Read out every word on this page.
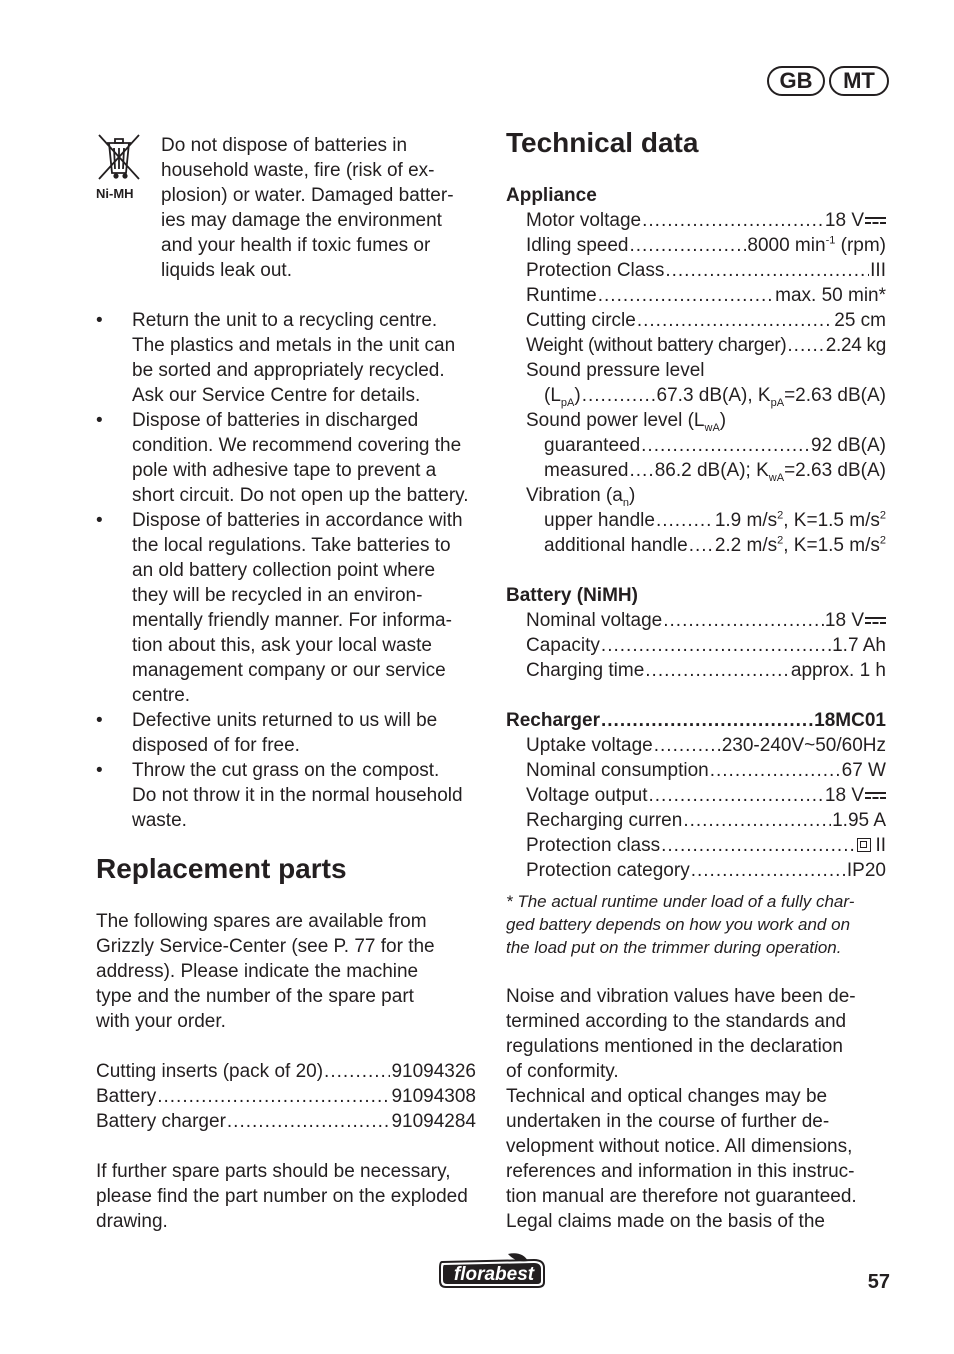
GB	MT
Ni-MH
Do not dispose of batteries in
household waste, fire (risk of ex-
plosion) or water. Damaged batter-
ies may damage the environment
and your health if toxic fumes or
liquids leak out.
• Return the unit to a recycling centre.
The plastics and metals in the unit can
be sorted and appropriately recycled.
Ask our Service Centre for details.
• Dispose of batteries in discharged
condition. We recommend covering the
pole with adhesive tape to prevent a
short circuit. Do not open up the battery.
• Dispose of batteries in accordance with
the local regulations. Take batteries to
an old battery collection point where
they will be recycled in an environ-
mentally friendly manner. For informa-
tion about this, ask your local waste
management company or our service
centre.
• Defective units returned to us will be
disposed of for free.
• Throw the cut grass on the compost.
Do not throw it in the normal household
waste.
Replacement parts
The following spares are available from
Grizzly Service-Center (see P. 77 for the
address). Please indicate the machine
type and the number of the spare part
with your order.
Cutting inserts (pack of 20) .....	91094326
Battery .....	91094308
Battery charger .....	91094284
If further spare parts should be necessary,
please find the part number on the exploded
drawing.
Technical data
Appliance
Motor voltage .....	18 V
Idling speed .....	8000 $\min^{-1} (rpm)$
Protection Class .....	III
Runtime .....	max. 50 min*
Cutting circle .....	25 cm
Weight (without battery charger) ..... 2.24 kg
Sound pressure level
$(L_{pA})$ .....	67.3 dB(A), $K_{pA}=2.63$ dB(A)
Sound power level $(L_{wA})$
guaranteed .....	92 dB(A)
measured ..... 86.2 dB(A); $K_{wA}=2.63$ dB(A)
Vibration $(a_n)$
upper handle .....	1.9 $m/s^2$, K=1.5 $m/s^2$
additional handle ..... 2.2 $m/s^2$, K=1.5 $m/s^2$
Battery (NiMH)
Nominal voltage .....	18 V
Capacity .....	1.7 Ah
Charging time .....	approx. 1 h
Recharger .....	18MC01
Uptake voltage .....	230-240V~50/60Hz
Nominal consumption .....	67 W
Voltage output .....	18 V
Recharging curren .....	1.95 A
Protection class .....	II
Protection category .....	IP20
* The actual runtime under load of a fully char-
ged battery depends on how you work and on
the load put on the trimmer during operation.
Noise and vibration values have been de-
termined according to the standards and
regulations mentioned in the declaration
of conformity.
Technical and optical changes may be
undertaken in the course of further de-
velopment without notice. All dimensions,
references and information in this instruc-
tion manual are therefore not guaranteed.
Legal claims made on the basis of the
florabest	57
